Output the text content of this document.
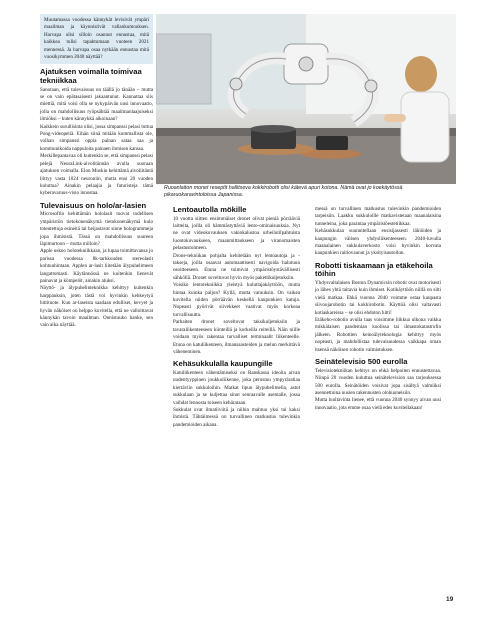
Muutamassa vuodessa kännykät levisivät ympäri maailman ja käynnistivät vallankumouksen. Harvapa olisi silloin osannut ennustaa, mitä kaikkea tulisi tapahtumaan vuoteen 2021 mennessä. Ja harvapa osaa nytkään ennustaa mitä vuosikymmen 2040 näyttää?

Ajatuksen voimalla toimivaa tekniikkaa

Sanotaan, että tulevaisuus on täällä jo tänään – mutta se on vain epätasaisesti jakaantunut. Kannattaa siis miettiä, mitä voisi olla se nykypäivän uusi innovaatio, jolla on mahdollisuus ryöpsähtää maailmanlaajuiseksi ilmiöksi – kuten kännykkä aikoinaan?

Kaikkein surullisinta olisi, jossa simpanssi pelasi tuttua Pong-videopeliä. Eihän siinä mitään kummallista ole, voihan simpanssi oppia painan sataa saa ja kommunikoida nappuloita painaen ihmisen kanssa.

Merkillepantavaa oli kuitenkin se, että simpanssi pelasi pelejä NeuraLink-aivolitännän avulla suoraan ajatuksen voimalla. Elon Muskin kehittämä aivoliitäntä liittyy vasta 1024 neuroniin, mutta ensi 20 vuoden kuluttua? Ainakin pelaajia ja futuristeja tämä kyberavaruus-visio innostaa.

Tulevaisuus on holo/ar-lasien

Microsoftin kehittämän hololasit tuovat todellisen ympäristön tietokonenäkymä tietokonenäkymä kulo toteutettuja esineitä tai heijastavat sinne hologrammeja jopa ihmisistä. Tässä on mahdollisuus suureen läpimurtoon – mutta milloin?

Apple uskoo holotekniikkaan, ja lupaa toimittavansa jo parissa vuodessa 8k-tarkkuuden stereolasit kohtuuhintaan. Applen ar-lasit liitetään älypuhelimeen langattomasti. Käytännössä ne kuitenkin lienevät painavat ja kömpelöt, ainakin aluksi.

Näyttö- ja älypuhelinteknikka kehittyy kuitenkin harppauksin, joten tästä voi hyvinkin kehkeytyä hittituote. Kun ar-laseista saadaan edulliset, kevyet ja hyvän näköiset on helppo kuvitella, että ne valloittavat kännykän tavoin maailman. Onnistuuko hanke, sen vain aika näyttää.

Ruoanlaiton monet reseptit hallitseva kokkirobotti olisi kätevä apuri kotona. Nämä ovat jo koekäytössä pikaruokaravintoloissa Japanissa.
Lentoautolla mökille

10 vuotta siitten ensimmäiset dronet olivat pieniä pörrääviä laitteita, joilla oli hämmästyttäviä lento-ominaisuuksia. Nyt ne ovat videokuvauksen vakiokalustoa urheilutilpahtuista luontokuvaukseen, maanmittaukseen ja viranomaisten pelastustoimeen.

Drone-tekniikan pohjalta kehitetään nyt lentoautoja ja -takseja, joilla osaavat automaattisesti navigoida halutuun osoitteeseen. Etuna ne toimivat ympäristöystävällisesti sähköllä. Dronet soveltuvat hyvin myös pakettikuljetuksiin.

Voisiko lentotekniikka yleistyä kuluttajakäyttöön, mutta hintaa kuinka paljon? Kyllä, mutta varauksin. On vaikea kuvitella niiden pörräävän keskellä kaupunkien katuja. Nopeasti pyörivät siivekkeet vaativat myös korkeaa turvallisuutta.

Parhaiten dronet soveltuvat taksikuljetuksiin ja tavaraliikenteeseen kiinteillä ja korkeilla reiteillä. Näin niille voidaan myös rakentaa turvalliset terminaalit liikenteelle. Etuna on katuliikenteen, ilmansaasteiden ja melun merkittävä väheneminen.

Kehäsukkulalla kaupungille

Katuliikenteen vähentämiseksi on Ranskassa ideoita arvan uudentyyppinen joukkoliikenne, joka perustuu ympyräratiaa kiertäviin sukkuloihin. Matkat lipun älypuhelimella, astut sukkulaan ja se kuljettaa sinut seuraavalle asemalle, jossa vaihdat lennosta toiseen kehärataan.

Sukkulat ovat ilmatiiviitä ja niihin mahtuu yksi tai kaksi ihmistä. Tähtäimessä on turvallinen matkustus tulevinkin pandemioiden aikana.

messä on turvallinen matkustus tulevinkin pandemioiden tarpeisiin. Laakku sukkuloille matkavistetaan maanalaisina tunneleina, joka parantaa ympäristöestetiikkaa.

Kehäsukkulaa suunnitellaan ensisijassesti lähiöiden ja kaupungin välisen yhdysliikenteeseen. 2040-luvulla maanalainen sukkulaverkosto voisi hyvinkin korvata kaupunkien raitiovaunut ja yksityisautoilun.

Robotti tiskaamaan ja etäkehoila töihin

Yhdysvaltalaisen Boston Dynamicsin robotit ovat motorisesti jo lähes yhtä taitavia kuin ihmiset. Kotikäyttöön niillä on silti vielä matkaa. Ehkä vuonna 2040 voimme ostaa kaupasta siivoojarobotin tai kokkirobotin. Käyttöä olisi valtavasti kotiaskareissa – se olisi ehdoton hitti!

Etäkeho-robotin avulla taas voisimme liikkua ulkona vaikka mikkälaisen pandemian koolissa tai ilmastokatastrofin jälkeen. Robottien keinoälyteknologia kehittyy myös nopeasti, ja mahdollistaa tulevaisuudessa vaikkapa oman itsensä näköisen robotin valmistuksen.

Seinätelevisio 500 eurolla

Televisiotekniikan kehitys on ehkä helpoiten ennustettavaa. Niinpä 20 vuoden kuluttua seinätelevision saa tarjouksessa 500 eurolla. Seinätöiden voisivat jopa sisältyä valmiiksi asennettuina uusien rakennusten olohuoneisiin.

Mutta luultavinta lienee, että vuonna 2040 synnyy aivan uusi innovaatio, jota emme osaa vielä edes kuvitellakaan!

19
